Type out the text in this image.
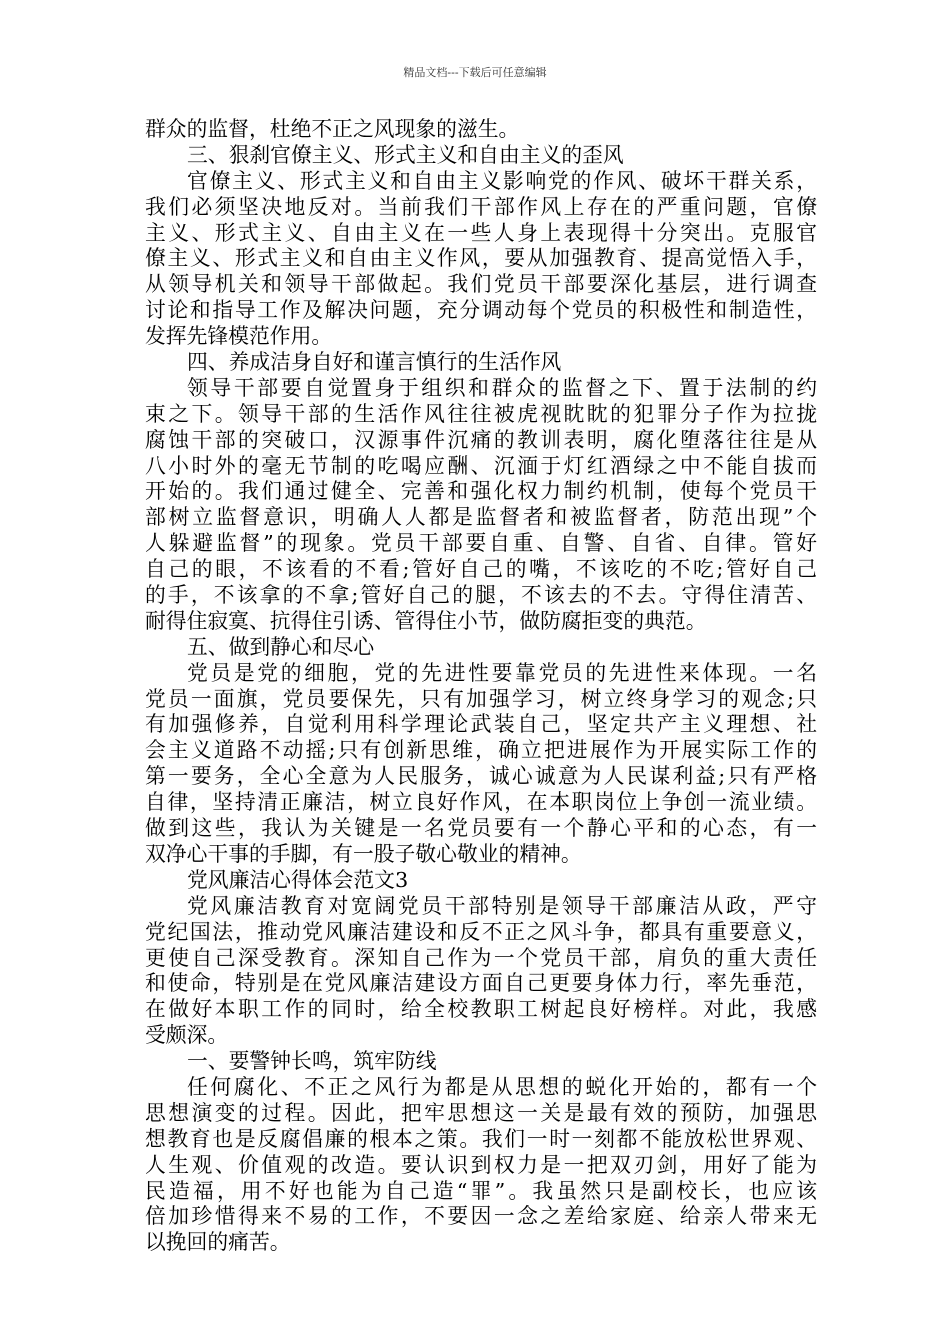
精品文档---下载后可任意编辑
群众的监督，杜绝不正之风现象的滋生。
三、狠刹官僚主义、形式主义和自由主义的歪风
官僚主义、形式主义和自由主义影响党的作风、破坏干群关系，
我们必须坚决地反对。当前我们干部作风上存在的严重问题，官僚
主义、形式主义、自由主义在一些人身上表现得十分突出。克服官
僚主义、形式主义和自由主义作风，要从加强教育、提高觉悟入手，
从领导机关和领导干部做起。我们党员干部要深化基层，进行调查
讨论和指导工作及解决问题，充分调动每个党员的积极性和制造性，
发挥先锋模范作用。
四、养成洁身自好和谨言慎行的生活作风
领导干部要自觉置身于组织和群众的监督之下、置于法制的约
束之下。领导干部的生活作风往往被虎视眈眈的犯罪分子作为拉拢
腐蚀干部的突破口，汉源事件沉痛的教训表明，腐化堕落往往是从
八小时外的毫无节制的吃喝应酬、沉湎于灯红酒绿之中不能自拔而
开始的。我们通过健全、完善和强化权力制约机制，使每个党员干
部树立监督意识，明确人人都是监督者和被监督者，防范出现”个
人躲避监督”的现象。党员干部要自重、自警、自省、自律。管好
自己的眼，不该看的不看;管好自己的嘴，不该吃的不吃;管好自己
的手，不该拿的不拿;管好自己的腿，不该去的不去。守得住清苦、
耐得住寂寞、抗得住引诱、管得住小节，做防腐拒变的典范。
五、做到静心和尽心
党员是党的细胞，党的先进性要靠党员的先进性来体现。一名
党员一面旗，党员要保先，只有加强学习，树立终身学习的观念;只
有加强修养，自觉利用科学理论武装自己，坚定共产主义理想、社
会主义道路不动摇;只有创新思维，确立把进展作为开展实际工作的
第一要务，全心全意为人民服务，诚心诚意为人民谋利益;只有严格
自律，坚持清正廉洁，树立良好作风，在本职岗位上争创一流业绩。
做到这些，我认为关键是一名党员要有一个静心平和的心态，有一
双净心干事的手脚，有一股子敬心敬业的精神。
党风廉洁心得体会范文3
党风廉洁教育对宽阔党员干部特别是领导干部廉洁从政，严守
党纪国法，推动党风廉洁建设和反不正之风斗争，都具有重要意义，
更使自己深受教育。深知自己作为一个党员干部，肩负的重大责任
和使命，特别是在党风廉洁建设方面自己更要身体力行，率先垂范，
在做好本职工作的同时，给全校教职工树起良好榜样。对此，我感
受颇深。
一、要警钟长鸣，筑牢防线
任何腐化、不正之风行为都是从思想的蜕化开始的，都有一个
思想演变的过程。因此，把牢思想这一关是最有效的预防，加强思
想教育也是反腐倡廉的根本之策。我们一时一刻都不能放松世界观、
人生观、价值观的改造。要认识到权力是一把双刃剑，用好了能为
民造福，用不好也能为自己造“罪”。我虽然只是副校长，也应该
倍加珍惜得来不易的工作，不要因一念之差给家庭、给亲人带来无
以挽回的痛苦。
